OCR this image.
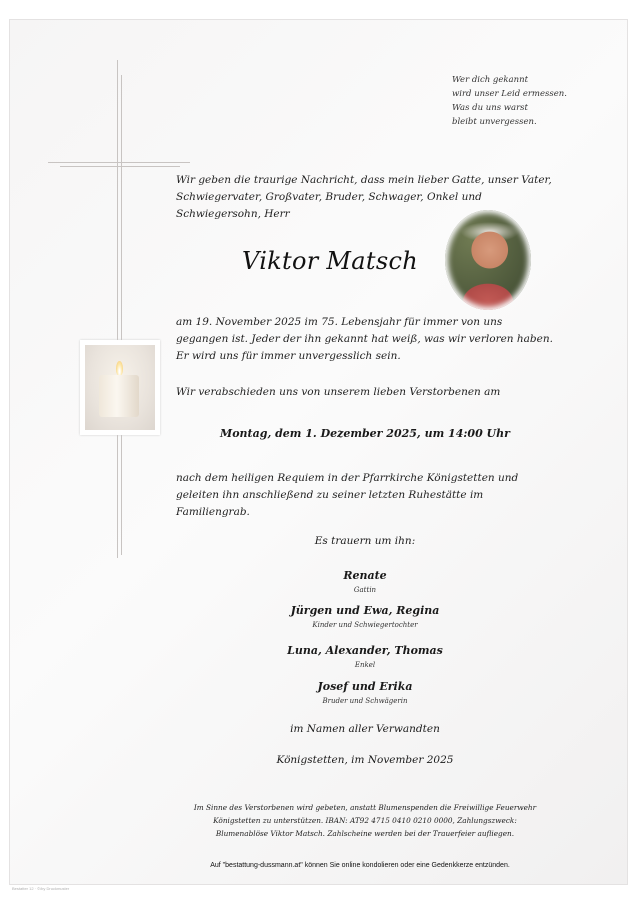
Wer dich gekannt
wird unser Leid ermessen.
Was du uns warst
bleibt unvergessen.
Wir geben die traurige Nachricht, dass mein lieber Gatte, unser Vater, Schwiegervater, Großvater, Bruder, Schwager, Onkel und Schwiegersohn, Herr
Viktor Matsch
am 19. November 2025 im 75. Lebensjahr für immer von uns gegangen ist. Jeder der ihn gekannt hat weiß, was wir verloren haben. Er wird uns für immer unvergesslich sein.
Wir verabschieden uns von unserem lieben Verstorbenen am
Montag, dem 1. Dezember 2025, um 14:00 Uhr
nach dem heiligen Requiem in der Pfarrkirche Königstetten und geleiten ihn anschließend zu seiner letzten Ruhestätte im Familiengrab.
Es trauern um ihn:
Renate
Gattin
Jürgen und Ewa, Regina
Kinder und Schwiegertochter
Luna, Alexander, Thomas
Enkel
Josef und Erika
Bruder und Schwägerin
im Namen aller Verwandten
Königstetten, im November 2025
Im Sinne des Verstorbenen wird gebeten, anstatt Blumenspenden die Freiwillige Feuerwehr
Königstetten zu unterstützen. IBAN: AT92 4715 0410 0210 0000, Zahlungszweck:
Blumenablöse Viktor Matsch. Zahlscheine werden bei der Trauerfeier aufliegen.
Auf "bestattung-dussmann.at" können Sie online kondolieren oder eine Gedenkkerze entzünden.
Bestatter 12 · ©/by Druckmuster
